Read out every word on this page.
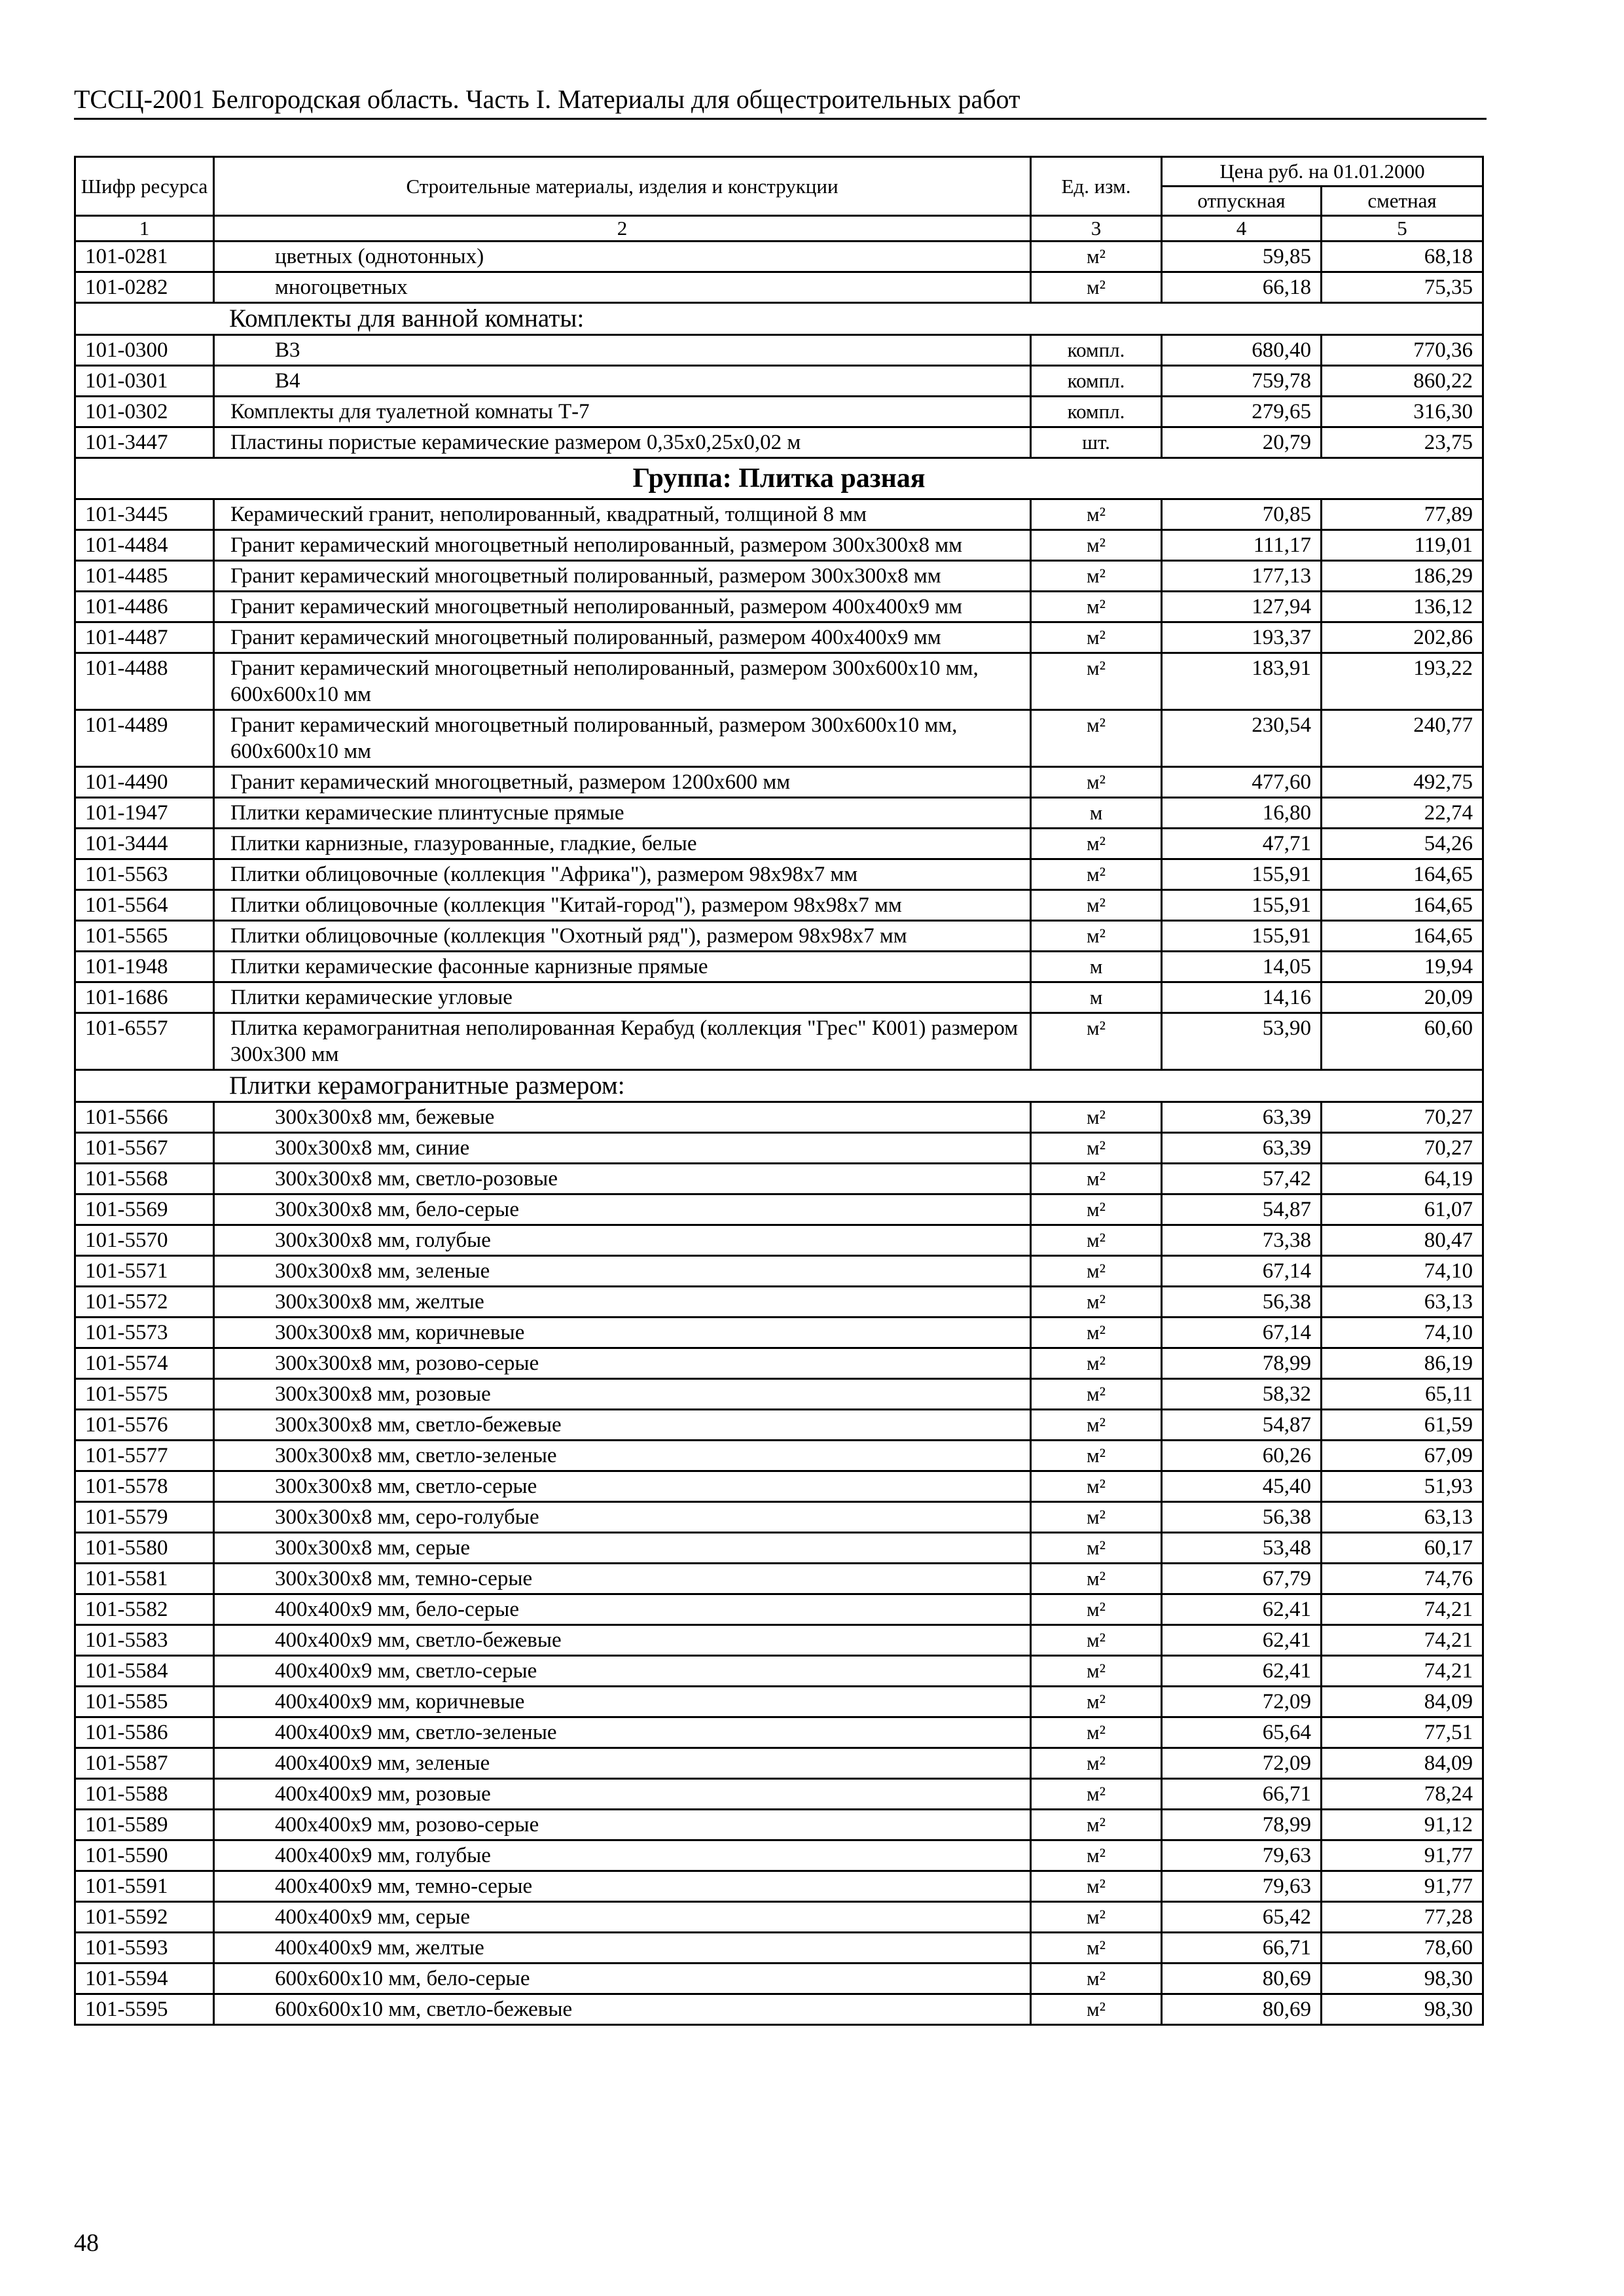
ТССЦ-2001 Белгородская область. Часть I. Материалы для общестроительных работ
Шифр ресурса	Строительные материалы, изделия и конструкции	Ед. изм.	Цена руб. на 01.01.2000	
			отпускная	сметная
1	2	3	4	5
101-0281	цветных (однотонных)	м²	59,85	68,18
101-0282	многоцветных	м²	66,18	75,35
Комплекты для ванной комнаты:				
101-0300	В3	компл.	680,40	770,36
101-0301	В4	компл.	759,78	860,22
101-0302	Комплекты для туалетной комнаты Т-7	компл.	279,65	316,30
101-3447	Пластины пористые керамические размером 0,35х0,25х0,02 м	шт.	20,79	23,75
Группа: Плитка разная				
101-3445	Керамический гранит, неполированный, квадратный, толщиной 8 мм	м²	70,85	77,89
101-4484	Гранит керамический многоцветный неполированный, размером 300х300х8 мм	м²	111,17	119,01
101-4485	Гранит керамический многоцветный полированный, размером 300х300х8 мм	м²	177,13	186,29
101-4486	Гранит керамический многоцветный неполированный, размером 400х400х9 мм	м²	127,94	136,12
101-4487	Гранит керамический многоцветный полированный, размером 400х400х9 мм	м²	193,37	202,86
101-4488	Гранит керамический многоцветный неполированный, размером 300х600х10 мм, 600х600х10 мм	м²	183,91	193,22
101-4489	Гранит керамический многоцветный полированный, размером 300х600х10 мм, 600х600х10 мм	м²	230,54	240,77
101-4490	Гранит керамический многоцветный, размером 1200х600 мм	м²	477,60	492,75
101-1947	Плитки керамические плинтусные прямые	м	16,80	22,74
101-3444	Плитки карнизные, глазурованные, гладкие, белые	м²	47,71	54,26
101-5563	Плитки облицовочные (коллекция "Африка"), размером 98х98х7 мм	м²	155,91	164,65
101-5564	Плитки облицовочные (коллекция "Китай-город"), размером 98х98х7 мм	м²	155,91	164,65
101-5565	Плитки облицовочные (коллекция "Охотный ряд"), размером 98х98х7 мм	м²	155,91	164,65
101-1948	Плитки керамические фасонные карнизные прямые	м	14,05	19,94
101-1686	Плитки керамические угловые	м	14,16	20,09
101-6557	Плитка керамогранитная неполированная Керабуд (коллекция "Грес" К001) размером 300х300 мм	м²	53,90	60,60
Плитки керамогранитные размером:				
101-5566	300х300х8 мм, бежевые	м²	63,39	70,27
101-5567	300х300х8 мм, синие	м²	63,39	70,27
101-5568	300х300х8 мм, светло-розовые	м²	57,42	64,19
101-5569	300х300х8 мм, бело-серые	м²	54,87	61,07
101-5570	300х300х8 мм, голубые	м²	73,38	80,47
101-5571	300х300х8 мм, зеленые	м²	67,14	74,10
101-5572	300х300х8 мм, желтые	м²	56,38	63,13
101-5573	300х300х8 мм, коричневые	м²	67,14	74,10
101-5574	300х300х8 мм, розово-серые	м²	78,99	86,19
101-5575	300х300х8 мм, розовые	м²	58,32	65,11
101-5576	300х300х8 мм, светло-бежевые	м²	54,87	61,59
101-5577	300х300х8 мм, светло-зеленые	м²	60,26	67,09
101-5578	300х300х8 мм, светло-серые	м²	45,40	51,93
101-5579	300х300х8 мм, серо-голубые	м²	56,38	63,13
101-5580	300х300х8 мм, серые	м²	53,48	60,17
101-5581	300х300х8 мм, темно-серые	м²	67,79	74,76
101-5582	400х400х9 мм, бело-серые	м²	62,41	74,21
101-5583	400х400х9 мм, светло-бежевые	м²	62,41	74,21
101-5584	400х400х9 мм, светло-серые	м²	62,41	74,21
101-5585	400х400х9 мм, коричневые	м²	72,09	84,09
101-5586	400х400х9 мм, светло-зеленые	м²	65,64	77,51
101-5587	400х400х9 мм, зеленые	м²	72,09	84,09
101-5588	400х400х9 мм, розовые	м²	66,71	78,24
101-5589	400х400х9 мм, розово-серые	м²	78,99	91,12
101-5590	400х400х9 мм, голубые	м²	79,63	91,77
101-5591	400х400х9 мм, темно-серые	м²	79,63	91,77
101-5592	400х400х9 мм, серые	м²	65,42	77,28
101-5593	400х400х9 мм, желтые	м²	66,71	78,60
101-5594	600х600х10 мм, бело-серые	м²	80,69	98,30
101-5595	600х600х10 мм, светло-бежевые	м²	80,69	98,30
48
